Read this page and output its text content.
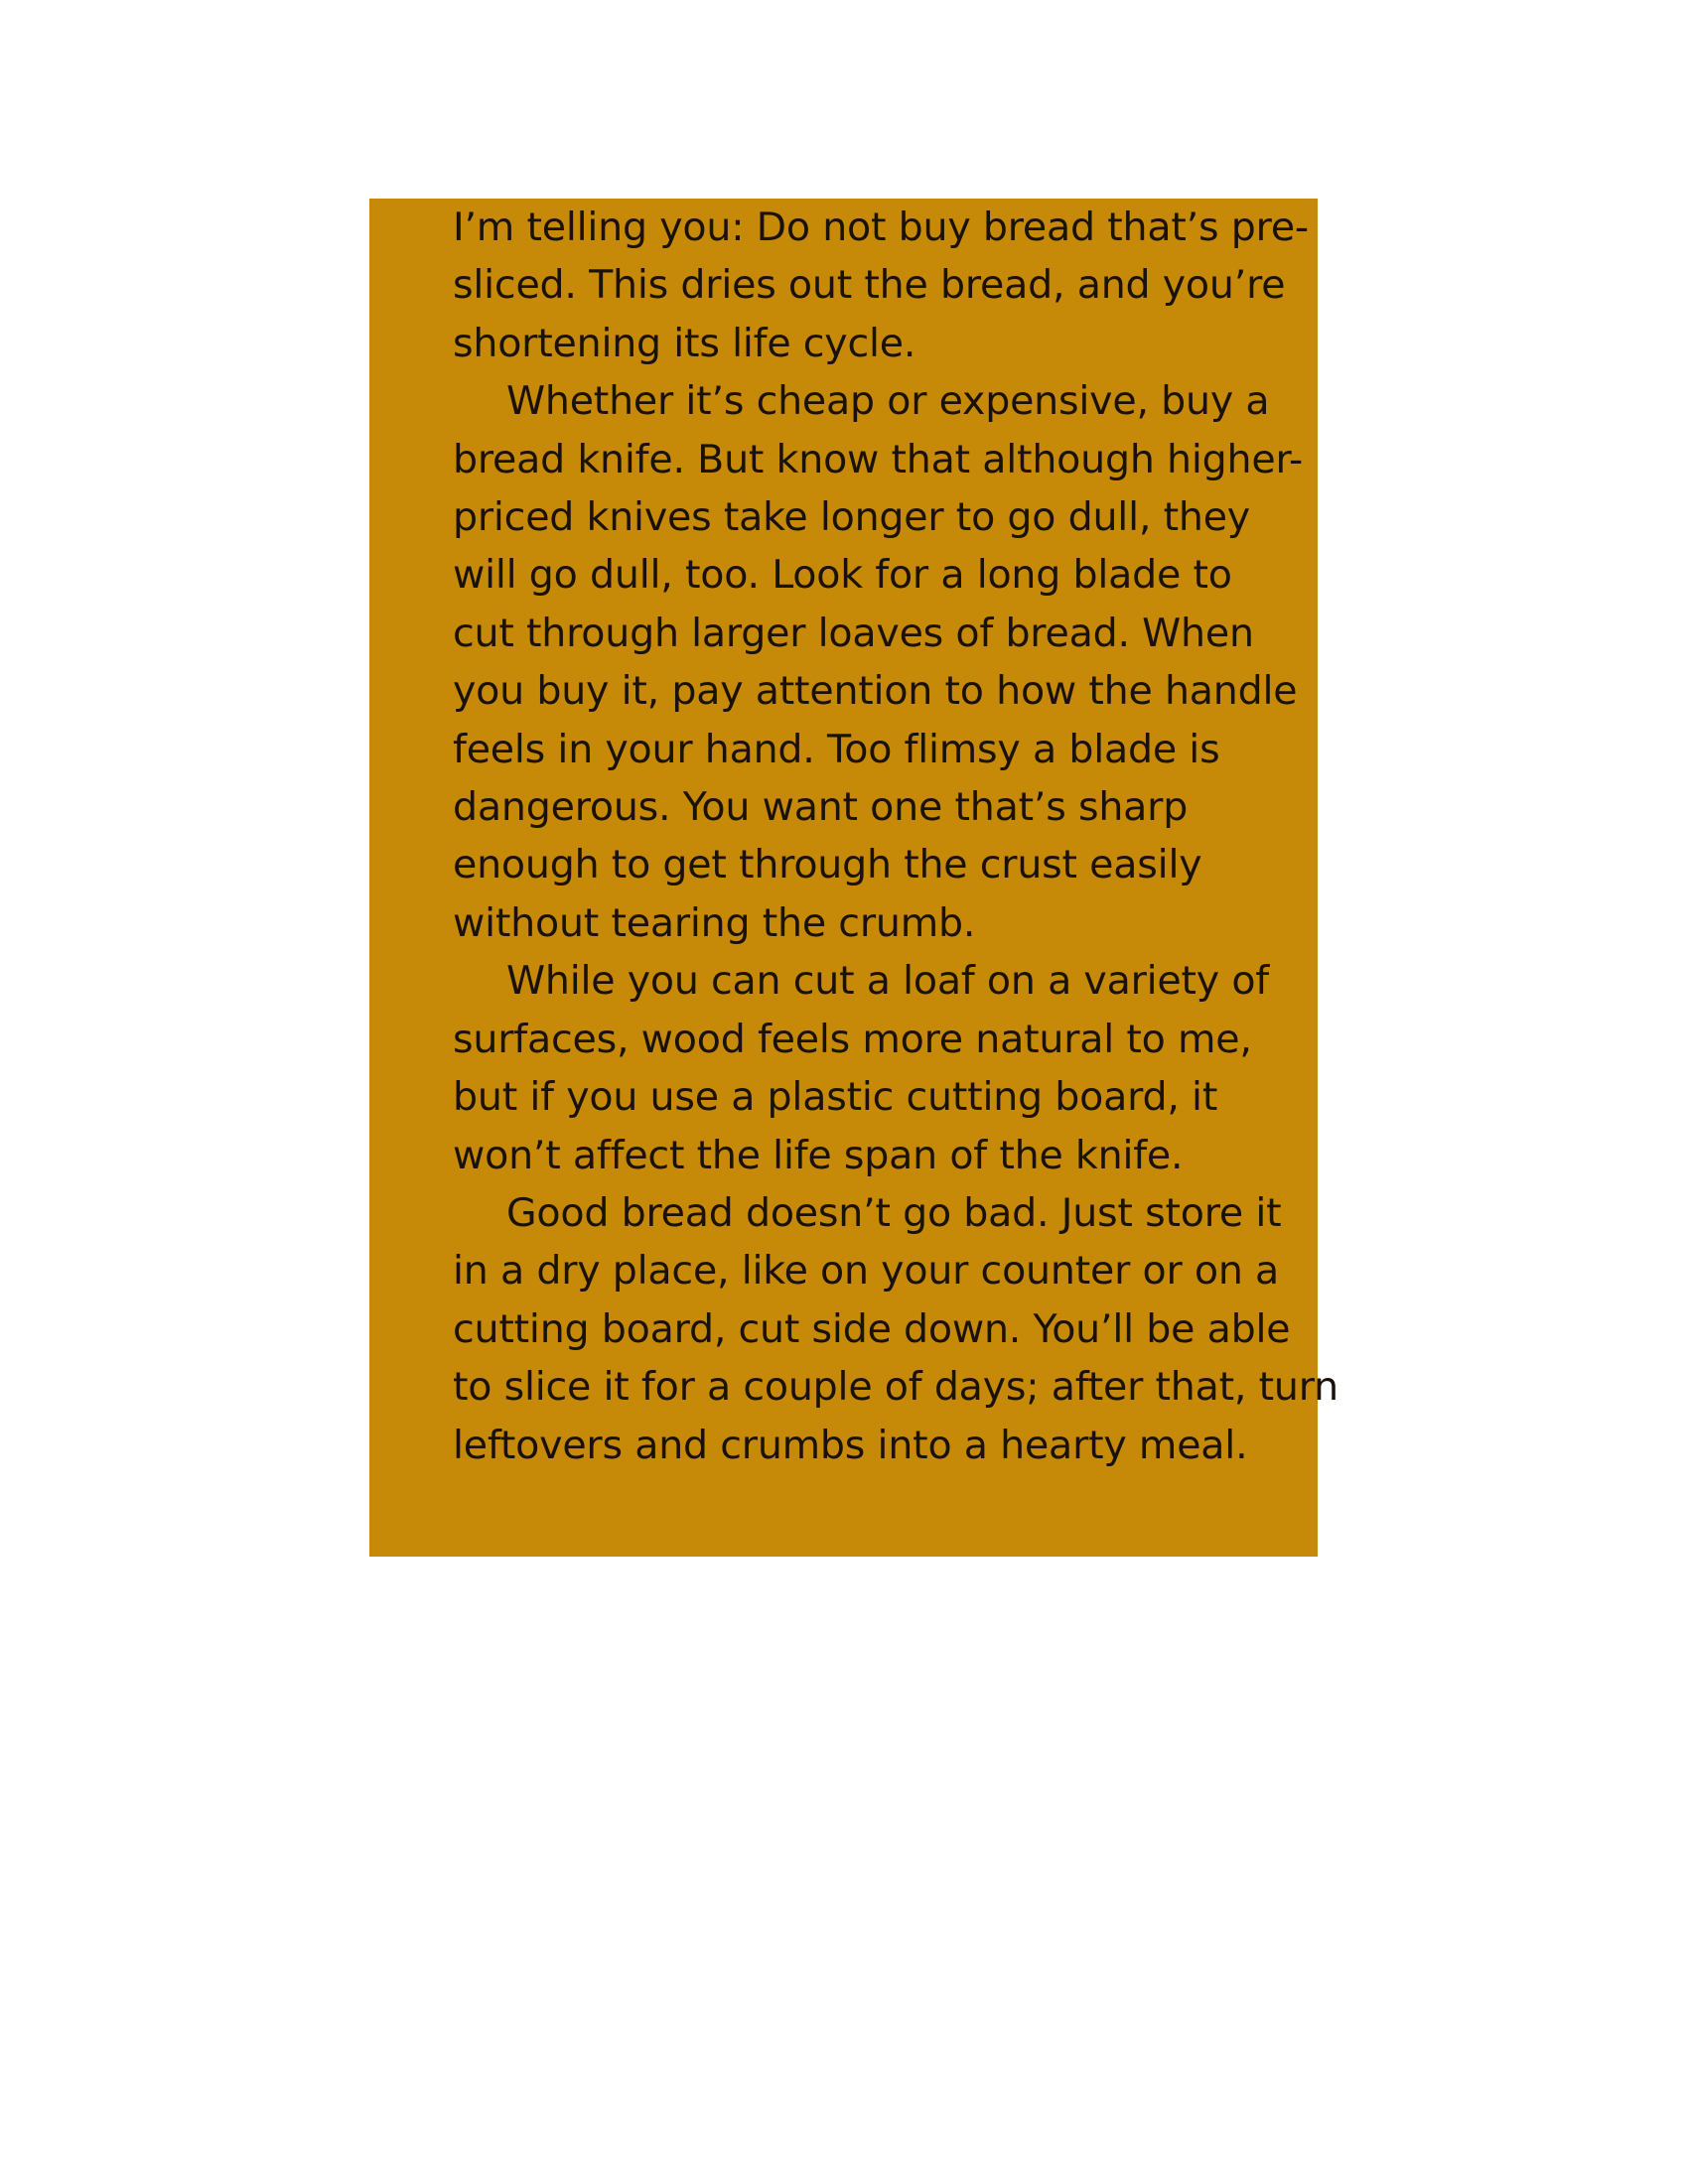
I’m telling you: Do not buy bread that’s pre-
sliced. This dries out the bread, and you’re
shortening its life cycle.
Whether it’s cheap or expensive, buy a
bread knife. But know that although higher-
priced knives take longer to go dull, they
will go dull, too. Look for a long blade to
cut through larger loaves of bread. When
you buy it, pay attention to how the handle
feels in your hand. Too flimsy a blade is
dangerous. You want one that’s sharp
enough to get through the crust easily
without tearing the crumb.
While you can cut a loaf on a variety of
surfaces, wood feels more natural to me,
but if you use a plastic cutting board, it
won’t affect the life span of the knife.
Good bread doesn’t go bad. Just store it
in a dry place, like on your counter or on a
cutting board, cut side down. You’ll be able
to slice it for a couple of days; after that, turn
leftovers and crumbs into a hearty meal.
